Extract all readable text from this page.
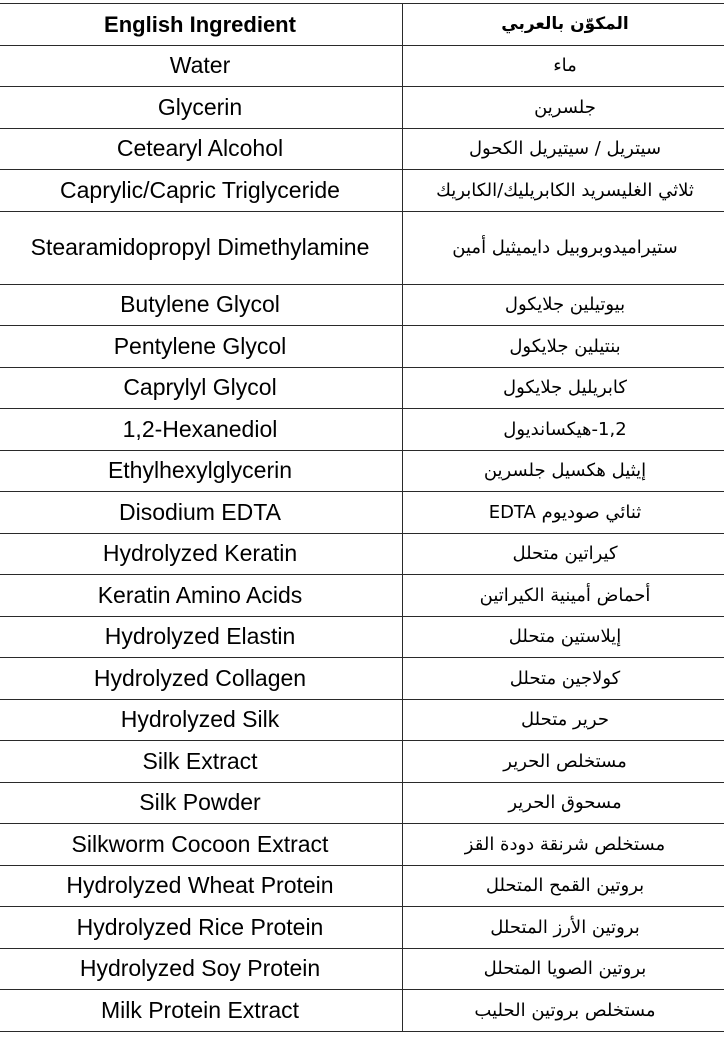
English Ingredient	المكوّن بالعربي
Water	ماء
Glycerin	جلسرين
Cetearyl Alcohol	سيتريل / سيتيريل الكحول
Caprylic/Capric Triglyceride	ثلاثي الغليسريد الكابريليك/الكابريك
Stearamidopropyl Dimethylamine	ستيراميدوبروبيل دايميثيل أمين
Butylene Glycol	بيوتيلين جلايكول
Pentylene Glycol	بنتيلين جلايكول
Caprylyl Glycol	كابريليل جلايكول
1,2-Hexanediol	1,2-هيكسانديول
Ethylhexylglycerin	إيثيل هكسيل جلسرين
Disodium EDTA	ثنائي صوديوم EDTA
Hydrolyzed Keratin	كيراتين متحلل
Keratin Amino Acids	أحماض أمينية الكيراتين
Hydrolyzed Elastin	إيلاستين متحلل
Hydrolyzed Collagen	كولاجين متحلل
Hydrolyzed Silk	حرير متحلل
Silk Extract	مستخلص الحرير
Silk Powder	مسحوق الحرير
Silkworm Cocoon Extract	مستخلص شرنقة دودة القز
Hydrolyzed Wheat Protein	بروتين القمح المتحلل
Hydrolyzed Rice Protein	بروتين الأرز المتحلل
Hydrolyzed Soy Protein	بروتين الصويا المتحلل
Milk Protein Extract	مستخلص بروتين الحليب
